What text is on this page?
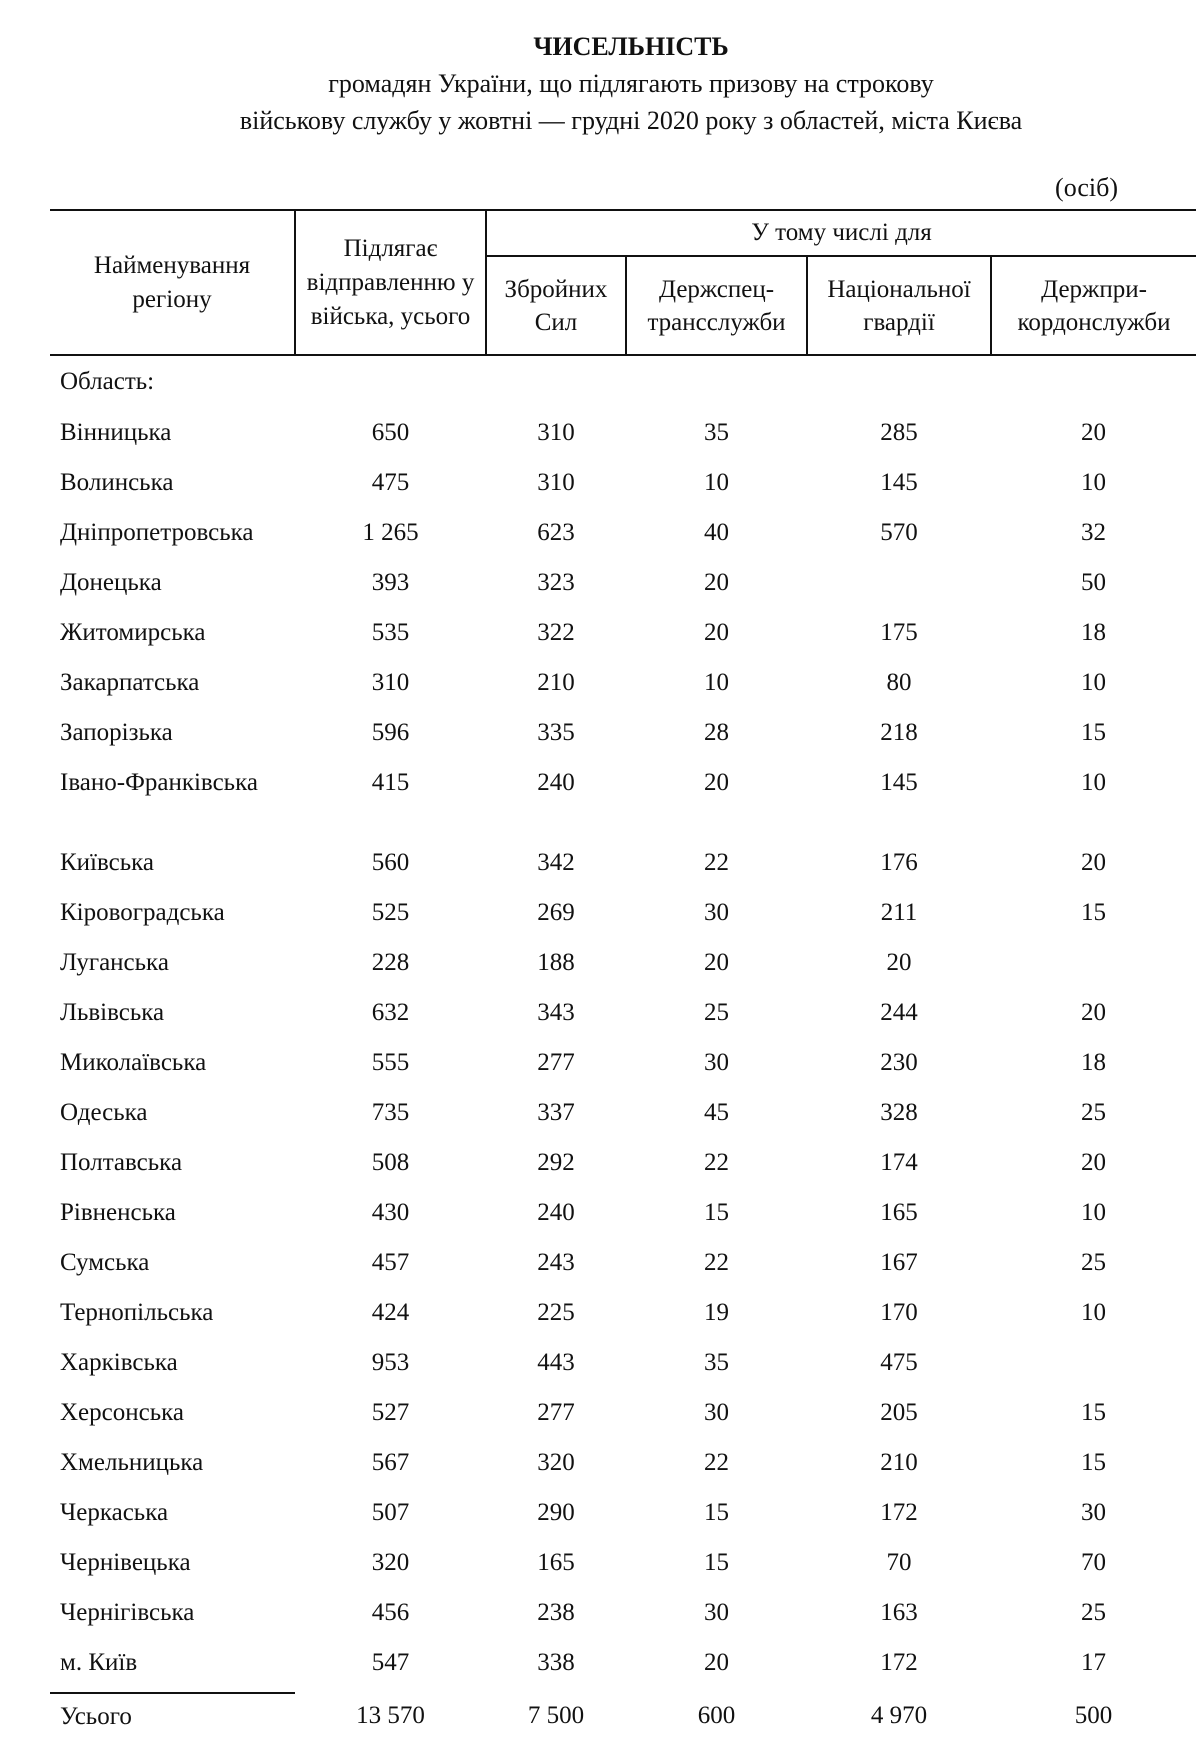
ЧИСЕЛЬНІСТЬ
громадян України, що підлягають призову на строкову
військову службу у жовтні — грудні 2020 року з областей, міста Києва
(осіб)
Найменування регіону	Підлягає відправленню у війська, усього	У тому числі для			
		Збройних Сил	Держспец-трансслужби	Національної гвардії	Держпри-кордонслужби
Область:					
Вінницька	650	310	35	285	20
Волинська	475	310	10	145	10
Дніпропетровська	1 265	623	40	570	32
Донецька	393	323	20		50
Житомирська	535	322	20	175	18
Закарпатська	310	210	10	80	10
Запорізька	596	335	28	218	15
Івано-Франківська	415	240	20	145	10
Київська	560	342	22	176	20
Кіровоградська	525	269	30	211	15
Луганська	228	188	20	20	
Львівська	632	343	25	244	20
Миколаївська	555	277	30	230	18
Одеська	735	337	45	328	25
Полтавська	508	292	22	174	20
Рівненська	430	240	15	165	10
Сумська	457	243	22	167	25
Тернопільська	424	225	19	170	10
Харківська	953	443	35	475	
Херсонська	527	277	30	205	15
Хмельницька	567	320	22	210	15
Черкаська	507	290	15	172	30
Чернівецька	320	165	15	70	70
Чернігівська	456	238	30	163	25
м. Київ	547	338	20	172	17
Усього	13 570	7 500	600	4 970	500
